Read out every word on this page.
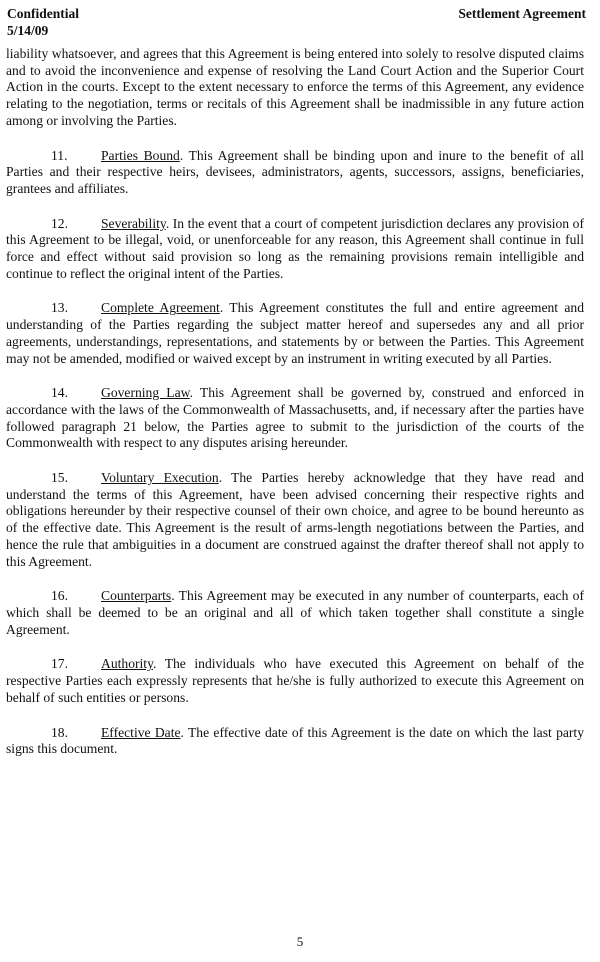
Confidential
5/14/09
Settlement Agreement

liability whatsoever, and agrees that this Agreement is being entered into solely to resolve disputed claims and to avoid the inconvenience and expense of resolving the Land Court Action and the Superior Court Action in the courts. Except to the extent necessary to enforce the terms of this Agreement, any evidence relating to the negotiation, terms or recitals of this Agreement shall be inadmissible in any future action among or involving the Parties.

11. Parties Bound. This Agreement shall be binding upon and inure to the benefit of all Parties and their respective heirs, devisees, administrators, agents, successors, assigns, beneficiaries, grantees and affiliates.

12. Severability. In the event that a court of competent jurisdiction declares any provision of this Agreement to be illegal, void, or unenforceable for any reason, this Agreement shall continue in full force and effect without said provision so long as the remaining provisions remain intelligible and continue to reflect the original intent of the Parties.

13. Complete Agreement. This Agreement constitutes the full and entire agreement and understanding of the Parties regarding the subject matter hereof and supersedes any and all prior agreements, understandings, representations, and statements by or between the Parties. This Agreement may not be amended, modified or waived except by an instrument in writing executed by all Parties.

14. Governing Law. This Agreement shall be governed by, construed and enforced in accordance with the laws of the Commonwealth of Massachusetts, and, if necessary after the parties have followed paragraph 21 below, the Parties agree to submit to the jurisdiction of the courts of the Commonwealth with respect to any disputes arising hereunder.

15. Voluntary Execution. The Parties hereby acknowledge that they have read and understand the terms of this Agreement, have been advised concerning their respective rights and obligations hereunder by their respective counsel of their own choice, and agree to be bound hereunto as of the effective date. This Agreement is the result of arms-length negotiations between the Parties, and hence the rule that ambiguities in a document are construed against the drafter thereof shall not apply to this Agreement.

16. Counterparts. This Agreement may be executed in any number of counterparts, each of which shall be deemed to be an original and all of which taken together shall constitute a single Agreement.

17. Authority. The individuals who have executed this Agreement on behalf of the respective Parties each expressly represents that he/she is fully authorized to execute this Agreement on behalf of such entities or persons.

18. Effective Date. The effective date of this Agreement is the date on which the last party signs this document.

5
